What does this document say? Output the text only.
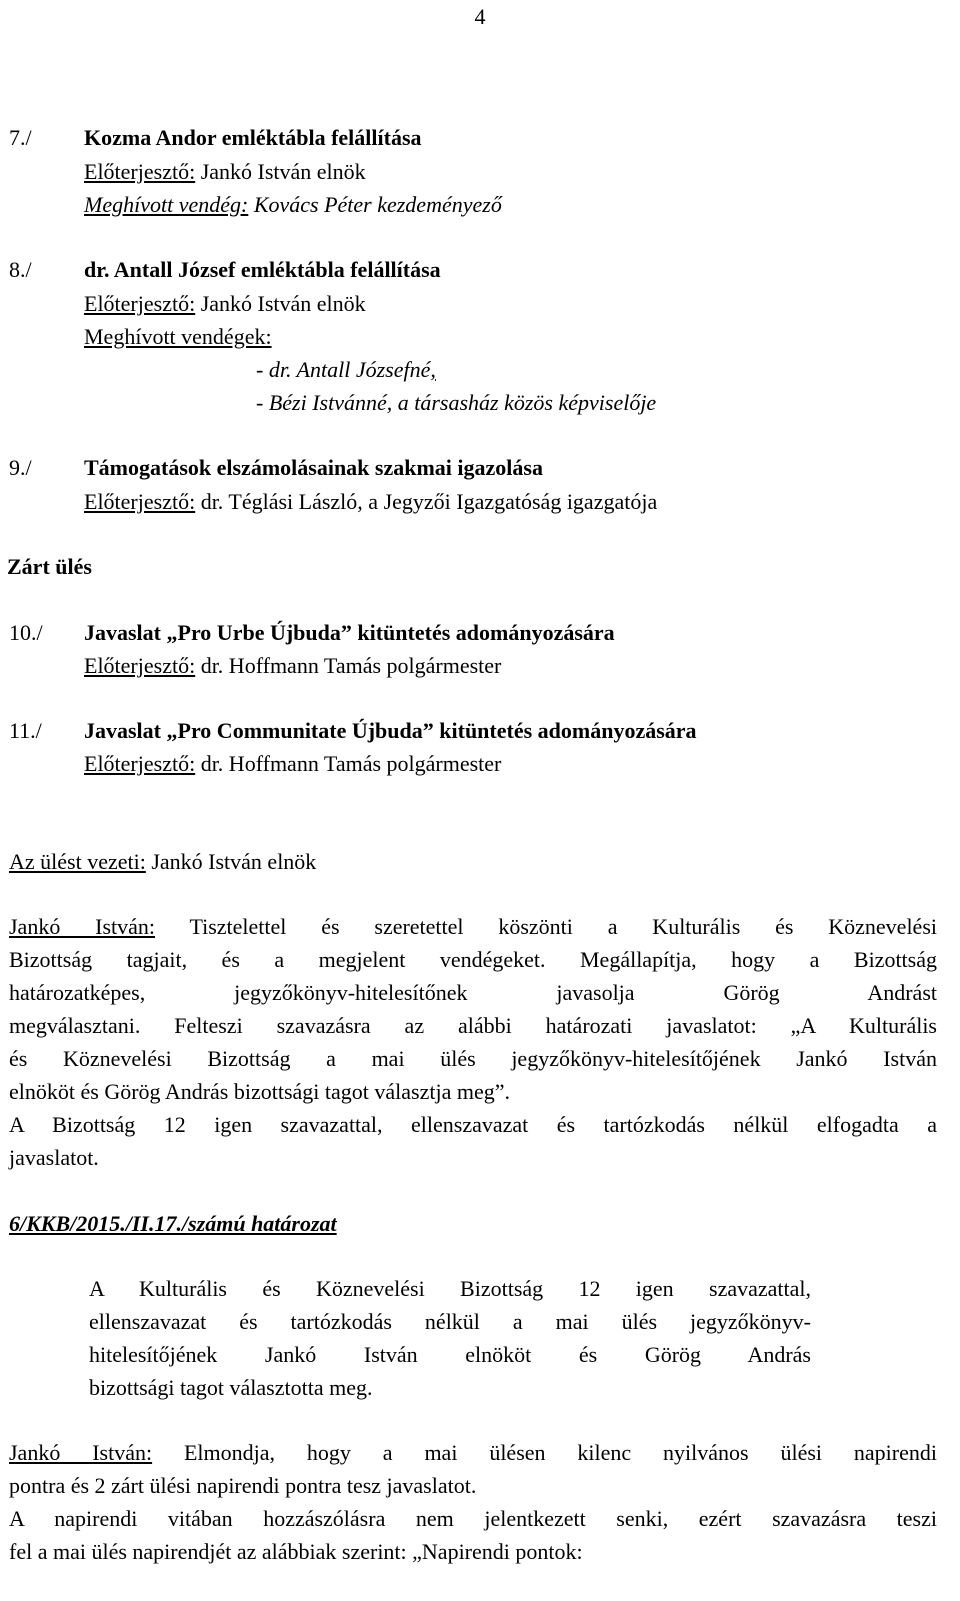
4
7./ Kozma Andor emléktábla felállítása
Előterjesztő: Jankó István elnök
Meghívott vendég: Kovács Péter kezdeményező
8./ dr. Antall József emléktábla felállítása
Előterjesztő: Jankó István elnök
Meghívott vendégek:
- dr. Antall Józsefné,
- Bézi Istvánné, a társasház közös képviselője
9./ Támogatások elszámolásainak szakmai igazolása
Előterjesztő: dr. Téglási László, a Jegyzői Igazgatóság igazgatója
Zárt ülés
10./ Javaslat „Pro Urbe Újbuda” kitüntetés adományozására
Előterjesztő: dr. Hoffmann Tamás polgármester
11./ Javaslat „Pro Communitate Újbuda” kitüntetés adományozására
Előterjesztő: dr. Hoffmann Tamás polgármester
Az ülést vezeti: Jankó István elnök
Jankó István: Tisztelettel és szeretettel köszönti a Kulturális és Köznevelési
Bizottság tagjait, és a megjelent vendégeket. Megállapítja, hogy a Bizottság
határozatképes, jegyzőkönyv-hitelesítőnek javasolja Görög Andrást
megválasztani. Felteszi szavazásra az alábbi határozati javaslatot: „A Kulturális
és Köznevelési Bizottság a mai ülés jegyzőkönyv-hitelesítőjének Jankó István
elnököt és Görög András bizottsági tagot választja meg”.
A Bizottság 12 igen szavazattal, ellenszavazat és tartózkodás nélkül elfogadta a
javaslatot.
6/KKB/2015./II.17./számú határozat
A Kulturális és Köznevelési Bizottság 12 igen szavazattal,
ellenszavazat és tartózkodás nélkül a mai ülés jegyzőkönyv-
hitelesítőjének Jankó István elnököt és Görög András
bizottsági tagot választotta meg.
Jankó István: Elmondja, hogy a mai ülésen kilenc nyilvános ülési napirendi
pontra és 2 zárt ülési napirendi pontra tesz javaslatot.
A napirendi vitában hozzászólásra nem jelentkezett senki, ezért szavazásra teszi
fel a mai ülés napirendjét az alábbiak szerint: „Napirendi pontok:
